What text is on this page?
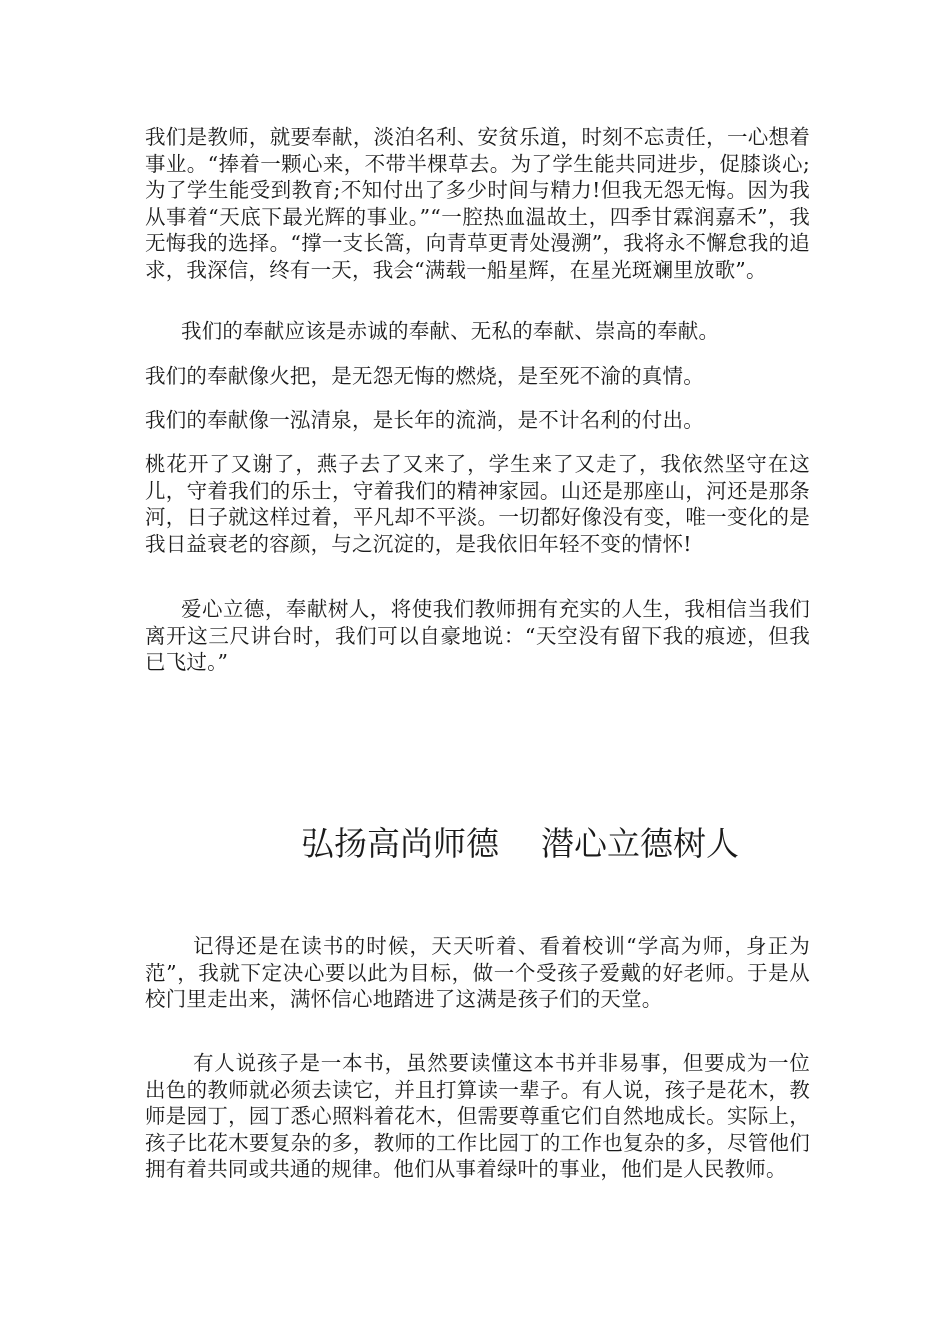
我们是教师，就要奉献，淡泊名利、安贫乐道，时刻不忘责任，一心想着事业。“捧着一颗心来，不带半棵草去。为了学生能共同进步，促膝谈心;为了学生能受到教育;不知付出了多少时间与精力!但我无怨无悔。因为我从事着“天底下最光辉的事业。”“一腔热血温故土，四季甘霖润嘉禾”，我无悔我的选择。“撑一支长篙，向青草更青处漫溯”，我将永不懈怠我的追求，我深信，终有一天，我会“满载一船星辉，在星光斑斓里放歌”。

我们的奉献应该是赤诚的奉献、无私的奉献、崇高的奉献。

我们的奉献像火把，是无怨无悔的燃烧，是至死不渝的真情。

我们的奉献像一泓清泉，是长年的流淌，是不计名利的付出。

桃花开了又谢了，燕子去了又来了，学生来了又走了，我依然坚守在这儿，守着我们的乐士，守着我们的精神家园。山还是那座山，河还是那条河，日子就这样过着，平凡却不平淡。一切都好像没有变，唯一变化的是我日益衰老的容颜，与之沉淀的，是我依旧年轻不变的情怀!

爱心立德，奉献树人，将使我们教师拥有充实的人生，我相信当我们离开这三尺讲台时，我们可以自豪地说：“天空没有留下我的痕迹，但我已飞过。”

弘扬高尚师德    潜心立德树人

记得还是在读书的时候，天天听着、看着校训“学高为师，身正为范”，我就下定决心要以此为目标，做一个受孩子爱戴的好老师。于是从校门里走出来，满怀信心地踏进了这满是孩子们的天堂。

有人说孩子是一本书，虽然要读懂这本书并非易事，但要成为一位出色的教师就必须去读它，并且打算读一辈子。有人说，孩子是花木，教师是园丁，园丁悉心照料着花木，但需要尊重它们自然地成长。实际上，孩子比花木要复杂的多，教师的工作比园丁的工作也复杂的多，尽管他们拥有着共同或共通的规律。他们从事着绿叶的事业，他们是人民教师。
